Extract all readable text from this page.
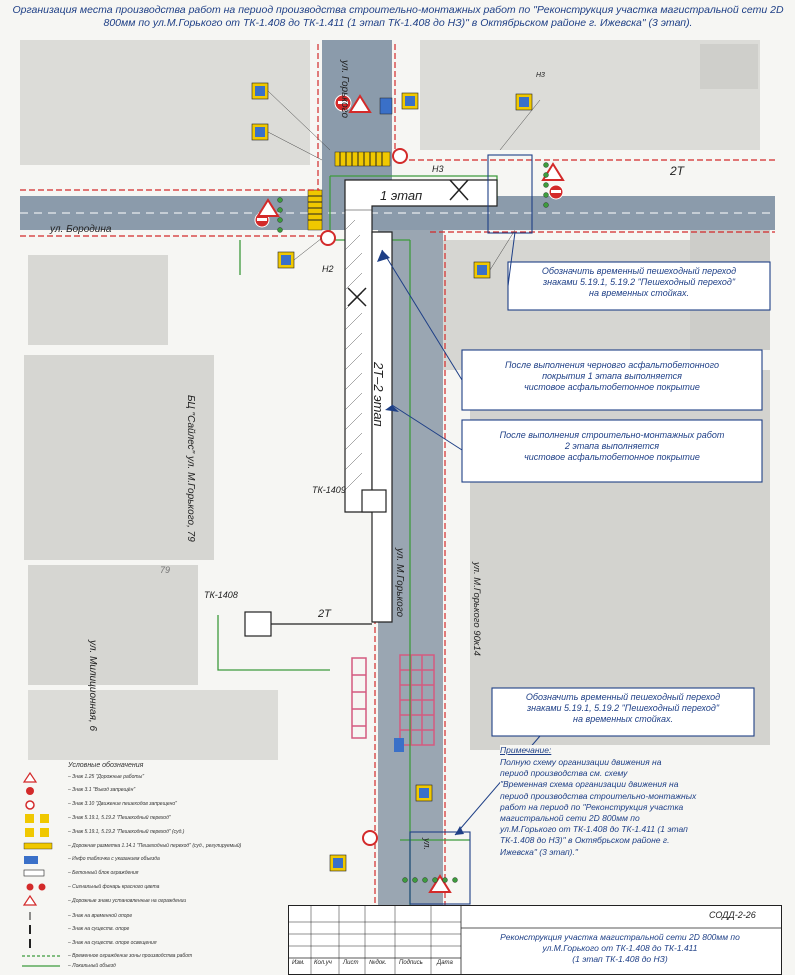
Организация места производства работ на период производства строительно-монтажных работ по "Реконструкция участка магистральной сети 2D 800мм по ул.М.Горького от ТК-1.408 до ТК-1.411 (1 этап ТК-1.408 до НЗ)" в Октябрьском районе г. Ижевска" (3 этап).
ул. Бородина
ул. М.Горького
ул. Горького
ул.
БЦ "Сайлес" ул. М.Горького, 79
ул. М.Горького 90к14
ул. Милиционная, 6
79
ТК-1408
ТК-1409
1 этап
2Т–2 этап
2Т
2Т
Н3
Н2
Н3
Обозначить временный пешеходный переход
знаками 5.19.1, 5.19.2 "Пешеходный переход"
на временных стойках.
После выполнения черновго асфальтобетонного
покрытия 1 этапа выполняется
чистовое асфальтобетонное покрытие
После выполнения строительно-монтажных работ
2 этапа выполняется
чистовое асфальтобетонное покрытие
Обозначить временный пешеходный переход
знаками 5.19.1, 5.19.2 "Пешеходный переход"
на временных стойках.
Условные обозначения
– Знак 1.25 "Дорожные работы"
– Знак 3.1 "Въезд запрещён"
– Знак 3.10 "Движение пешеходов запрещено"
– Знак 5.19.1, 5.19.2 "Пешеходный переход"
– Знак 5.19.1, 5.19.2 "Пешеходный переход" (суд.)
– Дорожная разметка 1.14.1 "Пешеходный переход" (суд., регулируемый)
– Инфо табличка с указанием объезда
– Бетонный блок ограждения
– Сигнальный фонарь красного цвета
– Дорожные знаки установленные на ограждении
– Знак на временной опоре
– Знак на существ. опоре
– Знак на существ. опоре освещения
– Временное ограждение зоны производства работ
– Локальный объезд
Примечание:
Полную схему организации движения на
период производства см. схему
"Временная схема организации движения на
период производства строительно-монтажных
работ на период по "Реконструкция участка
магистральной сети 2D 800мм по
ул.М.Горького от ТК-1.408 до ТК-1.411 (1 этап
ТК-1.408 до НЗ)" в Октябрьском районе г.
Ижевска" (3 этап)."
СОДД-2-26
Реконструкция участка магистральной сети 2D 800мм по
ул.М.Горького от ТК-1.408 до ТК-1.411
(1 этап ТК-1.408 до НЗ)
Изм. Кол.уч Лист №док. Подпись Дата
